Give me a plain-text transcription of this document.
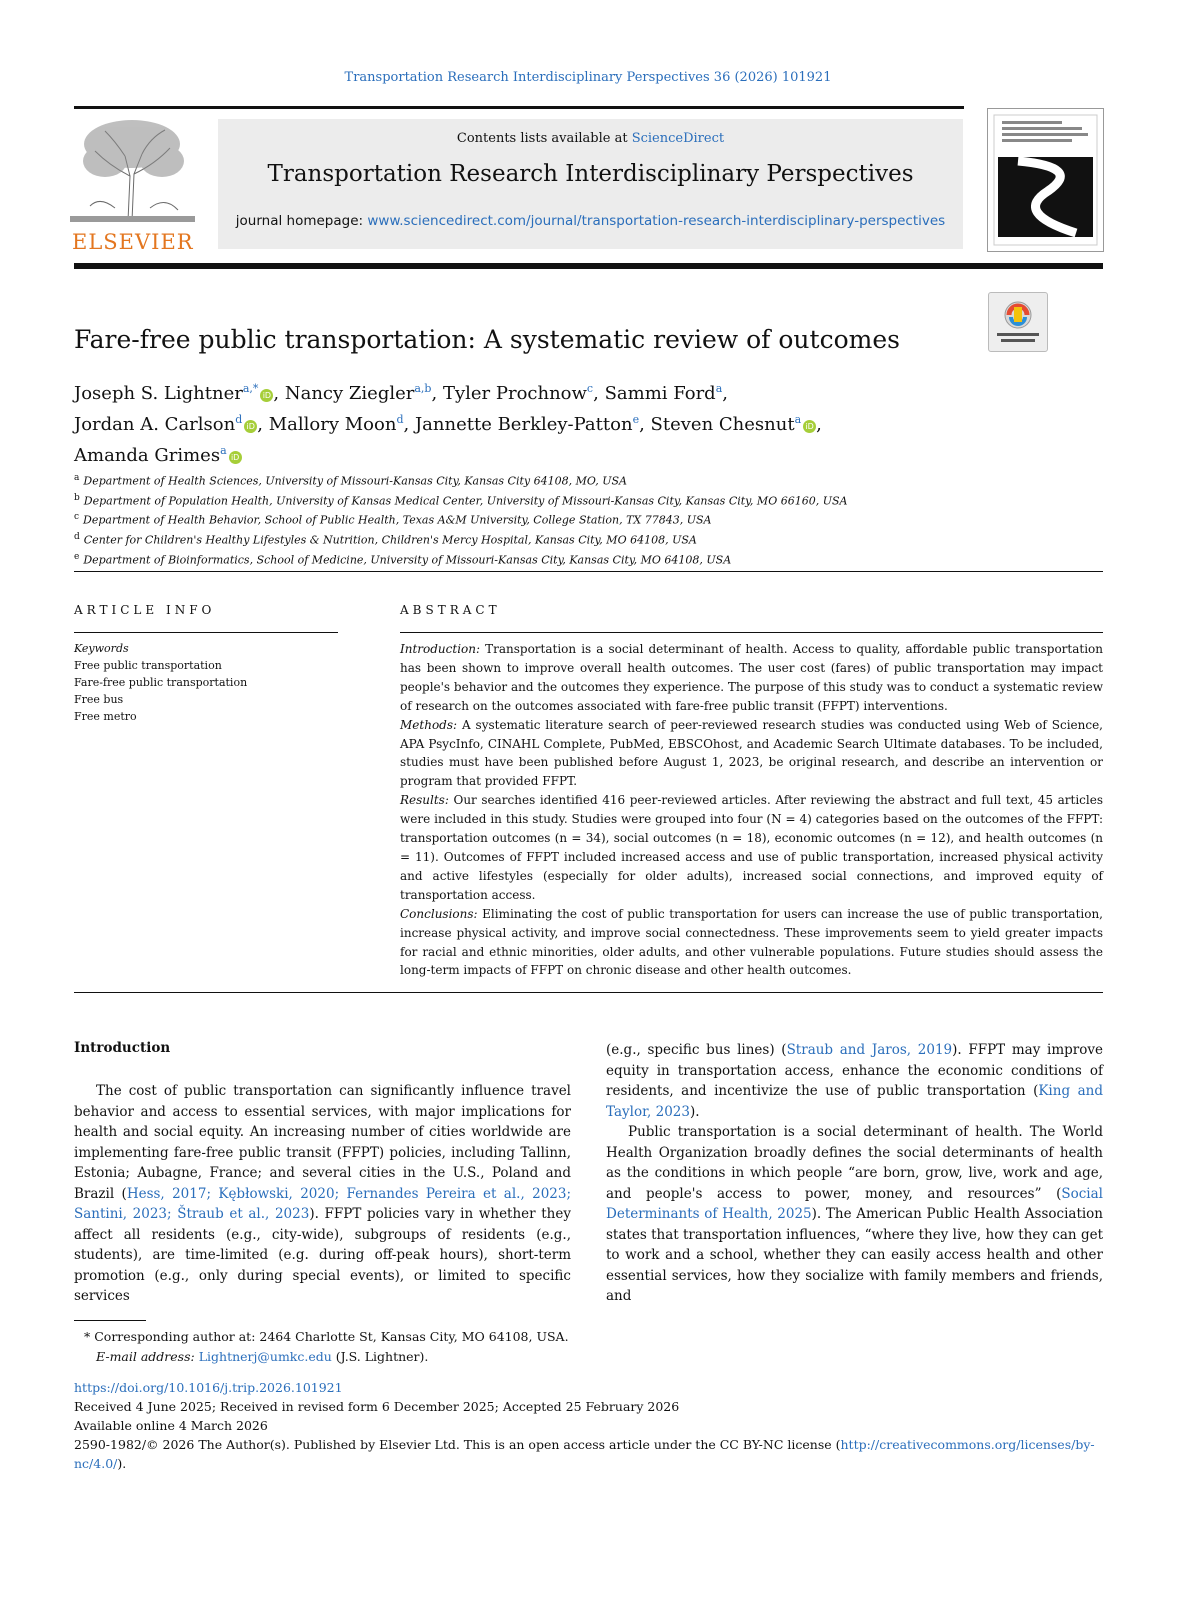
Transportation Research Interdisciplinary Perspectives 36 (2026) 101921
ELSEVIER
Contents lists available at ScienceDirect
Transportation Research Interdisciplinary Perspectives
journal homepage: www.sciencedirect.com/journal/transportation-research-interdisciplinary-perspectives
Fare-free public transportation: A systematic review of outcomes
Joseph S. Lightner$^{a,*}$iD , Nancy Ziegler$^{a,b}$, Tyler Prochnow$^c$, Sammi Ford$^a$,
Jordan A. Carlson$^d$iD , Mallory Moon$^d$, Jannette Berkley-Patton$^e$, Steven Chesnut$^a$iD ,
Amanda Grimes$^a$iD
$^a$ Department of Health Sciences, University of Missouri-Kansas City, Kansas City 64108, MO, USA
$^b$ Department of Population Health, University of Kansas Medical Center, University of Missouri-Kansas City, Kansas City, MO 66160, USA
$^c$ Department of Health Behavior, School of Public Health, Texas A&M University, College Station, TX 77843, USA
$^d$ Center for Children's Healthy Lifestyles & Nutrition, Children's Mercy Hospital, Kansas City, MO 64108, USA
$^e$ Department of Bioinformatics, School of Medicine, University of Missouri-Kansas City, Kansas City, MO 64108, USA
ARTICLE INFO	ABSTRACT
Keywords
Free public transportation
Fare-free public transportation
Free bus
Free metro

Introduction: Transportation is a social determinant of health. Access to quality, affordable public transportation has been shown to improve overall health outcomes. The user cost (fares) of public transportation may impact people's behavior and the outcomes they experience. The purpose of this study was to conduct a systematic review of research on the outcomes associated with fare-free public transit (FFPT) interventions.

Methods: A systematic literature search of peer-reviewed research studies was conducted using Web of Science, APA PsycInfo, CINAHL Complete, PubMed, EBSCOhost, and Academic Search Ultimate databases. To be included, studies must have been published before August 1, 2023, be original research, and describe an intervention or program that provided FFPT.

Results: Our searches identified 416 peer-reviewed articles. After reviewing the abstract and full text, 45 articles were included in this study. Studies were grouped into four (N = 4) categories based on the outcomes of the FFPT: transportation outcomes (n = 34), social outcomes (n = 18), economic outcomes (n = 12), and health outcomes (n = 11). Outcomes of FFPT included increased access and use of public transportation, increased physical activity and active lifestyles (especially for older adults), increased social connections, and improved equity of transportation access.

Conclusions: Eliminating the cost of public transportation for users can increase the use of public transportation, increase physical activity, and improve social connectedness. These improvements seem to yield greater impacts for racial and ethnic minorities, older adults, and other vulnerable populations. Future studies should assess the long-term impacts of FFPT on chronic disease and other health outcomes.

Introduction

The cost of public transportation can significantly influence travel behavior and access to essential services, with major implications for health and social equity. An increasing number of cities worldwide are implementing fare-free public transit (FFPT) policies, including Tallinn, Estonia; Aubagne, France; and several cities in the U.S., Poland and Brazil (Hess, 2017; Kębłowski, 2020; Fernandes Pereira et al., 2023; Santini, 2023; Štraub et al., 2023). FFPT policies vary in whether they affect all residents (e.g., city-wide), subgroups of residents (e.g., students), are time-limited (e.g. during off-peak hours), short-term promotion (e.g., only during special events), or limited to specific services

(e.g., specific bus lines) (Straub and Jaros, 2019). FFPT may improve equity in transportation access, enhance the economic conditions of residents, and incentivize the use of public transportation (King and Taylor, 2023).

Public transportation is a social determinant of health. The World Health Organization broadly defines the social determinants of health as the conditions in which people “are born, grow, live, work and age, and people's access to power, money, and resources” (Social Determinants of Health, 2025). The American Public Health Association states that transportation influences, “where they live, how they can get to work and a school, whether they can easily access health and other essential services, how they socialize with family members and friends, and

* Corresponding author at: 2464 Charlotte St, Kansas City, MO 64108, USA.
E-mail address: Lightnerj@umkc.edu (J.S. Lightner).
https://doi.org/10.1016/j.trip.2026.101921
Received 4 June 2025; Received in revised form 6 December 2025; Accepted 25 February 2026
Available online 4 March 2026
2590-1982/© 2026 The Author(s). Published by Elsevier Ltd. This is an open access article under the CC BY-NC license (http://creativecommons.org/licenses/by-nc/4.0/).
